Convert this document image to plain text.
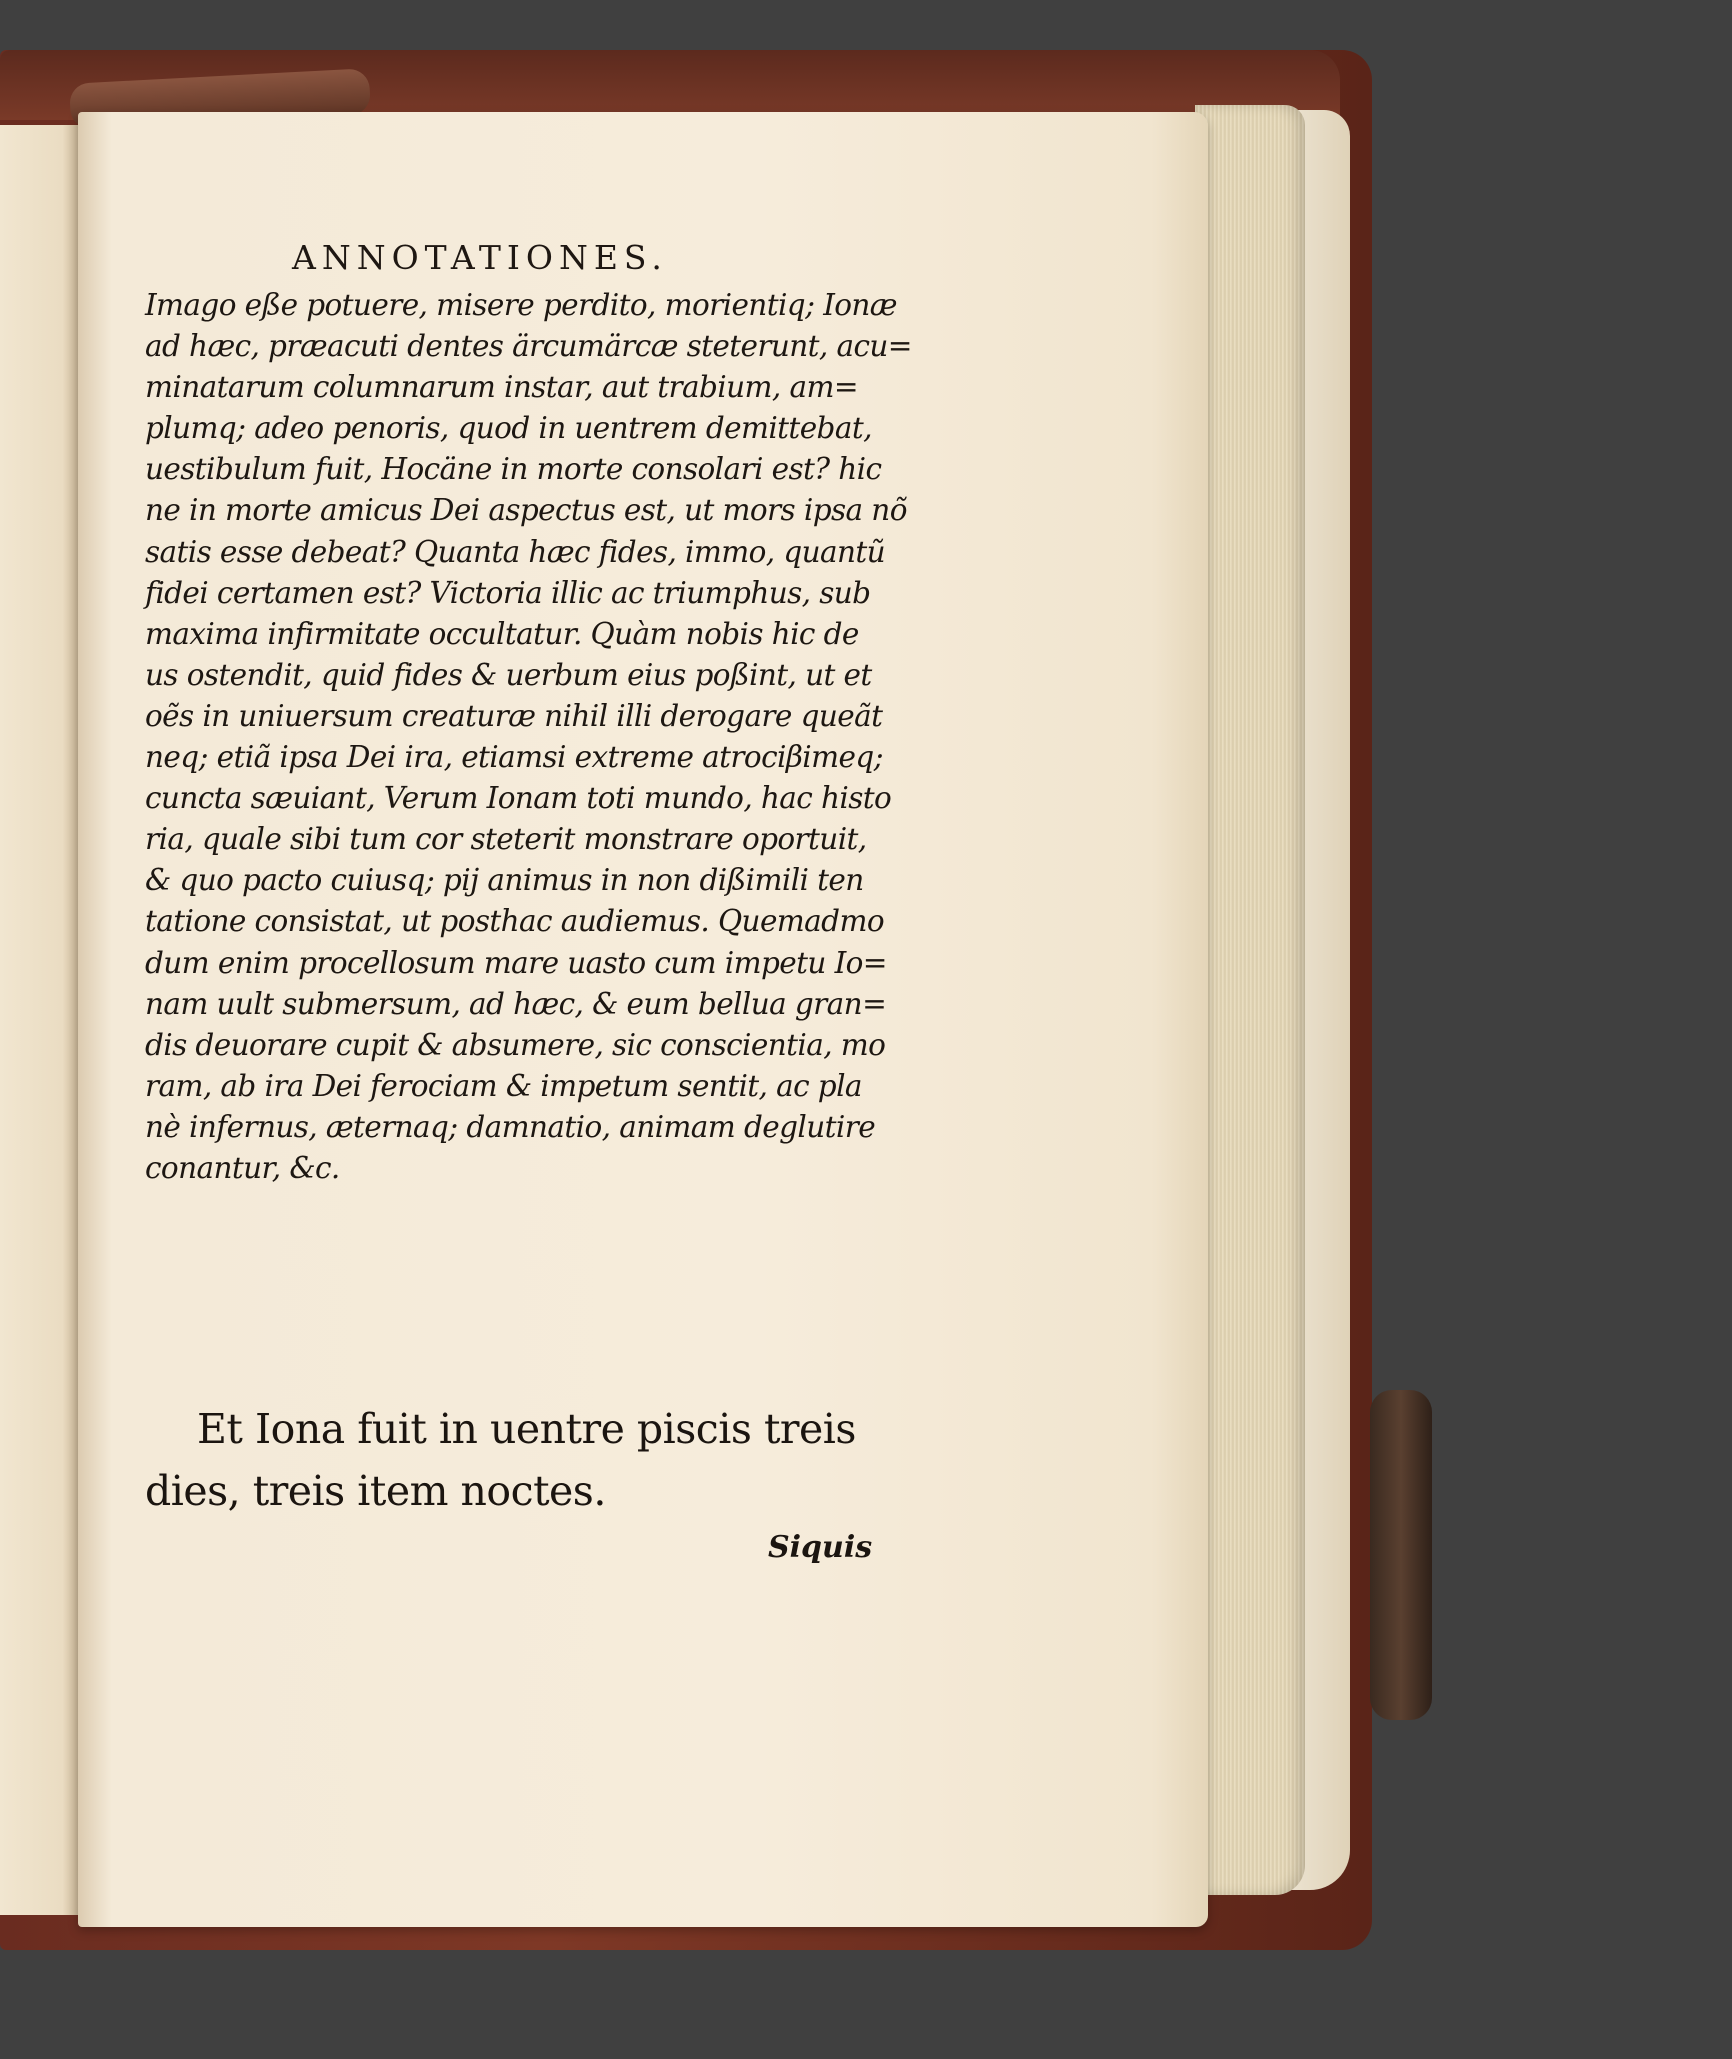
ANNOTATIONES.
Imago eße potuere, misere perdito, morientiq; Ionæ
ad hæc, præacuti dentes ärcumärcæ steterunt, acu=
minatarum columnarum instar, aut trabium, am=
plumq; adeo penoris, quod in uentrem demittebat,
uestibulum fuit, Hocäne in morte consolari est? hic
ne in morte amicus Dei aspectus est, ut mors ipsa nõ
satis esse debeat? Quanta hæc fides, immo, quantũ
fidei certamen est? Victoria illic ac triumphus, sub
maxima infirmitate occultatur. Quàm nobis hic de
us ostendit, quid fides & uerbum eius poßint, ut et
oẽs in uniuersum creaturæ nihil illi derogare queãt
neq; etiã ipsa Dei ira, etiamsi extreme atrociβimeq;
cuncta sæuiant, Verum Ionam toti mundo, hac histo
ria, quale sibi tum cor steterit monstrare oportuit,
& quo pacto cuiusq; pij animus in non dißimili ten
tatione consistat, ut posthac audiemus. Quemadmo
dum enim procellosum mare uasto cum impetu Io=
nam uult submersum, ad hæc, & eum bellua gran=
dis deuorare cupit & absumere, sic conscientia, mo
ram, ab ira Dei ferociam & impetum sentit, ac pla
nè infernus, æternaq; damnatio, animam deglutire
conantur, &c.
Et Iona fuit in uentre piscis treis
dies, treis item noctes.
Siquis
